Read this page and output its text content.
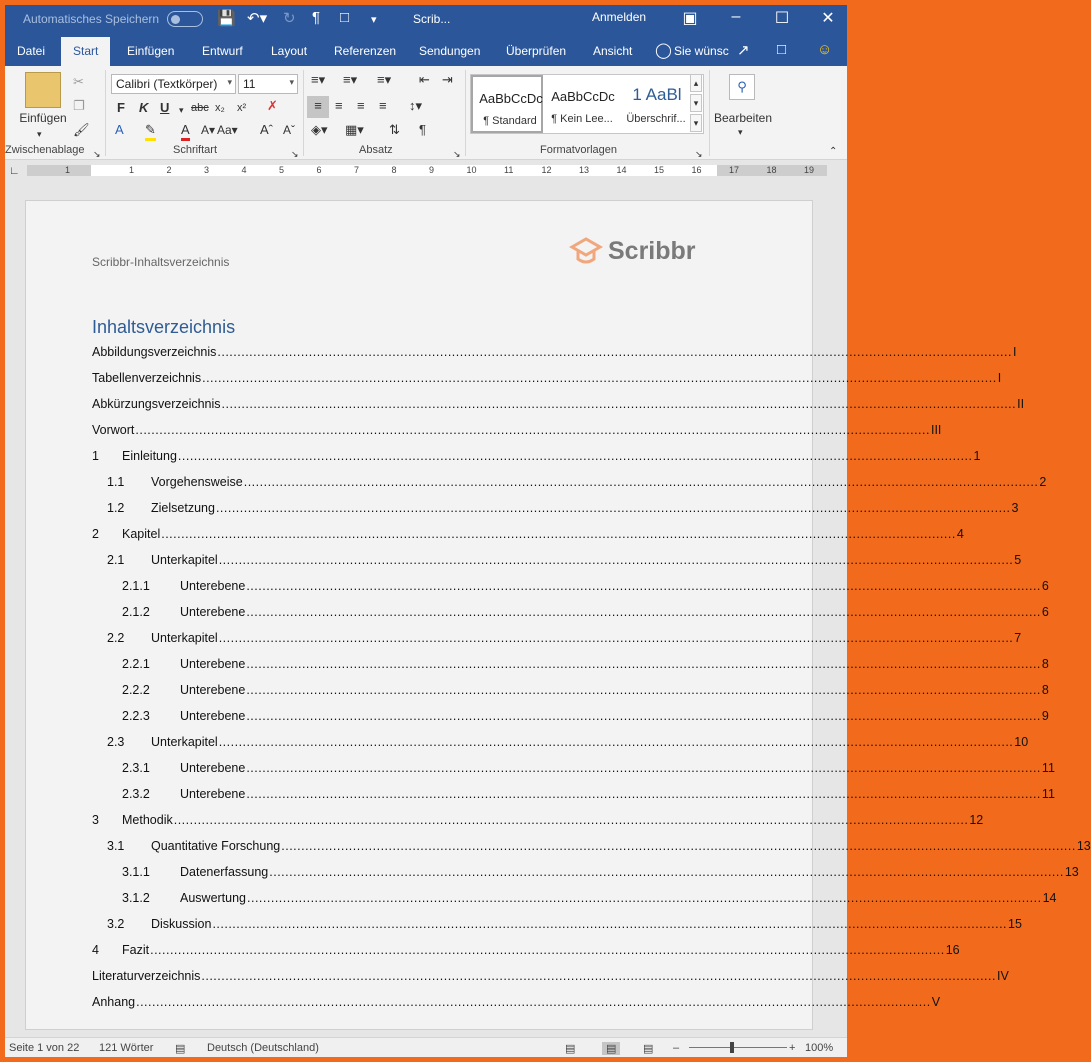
Automatisches Speichern	💾 ↶▾ ↻ ¶ □ ▾	Scrib...	Anmelden ▣	–	☐ ✕
Datei	Start	Einfügen Entwurf Layout Referenzen Sendungen Überprüfen Ansicht ◯ Sie wünsc ↗ □ ☺
Einfügen
▾
✂
❐
🖌
Zwischenablage ↘
Calibri (Textkörper) ▾ 11	▾
F K U ▾ abc x₂ x² ✗
A ✎ A A▾ Aa▾ Aˆ Aˇ
Schriftart	↘
≡▾ ≡▾ ≡▾ ⇤ ⇥
≡	≡ ≡ ≡ ↕▾
◈▾ ▦▾ ⇅ ¶
Absatz	↘
AaBbCcDc
¶ Standard
AaBbCcDc
¶ Kein Lee...
1 AaBl
Überschrif...
▴
▾
▾
Formatvorlagen	↘
⚲
Bearbeiten
▾
⌃
∟	1	1	2	3	4	5	6	7	8	9	10	11	12	13	14	15	16	17	18	19
Scribbr-Inhaltsverzeichnis	Scribbr
Inhaltsverzeichnis
Abbildungsverzeichnis ........................................................................................................................................................................................................ I
Tabellenverzeichnis ........................................................................................................................................................................................................ I
Abkürzungsverzeichnis ........................................................................................................................................................................................................ II
Vorwort ........................................................................................................................................................................................................ III
1 Einleitung ........................................................................................................................................................................................................ 1
1.1 Vorgehensweise ........................................................................................................................................................................................................ 2
1.2 Zielsetzung ........................................................................................................................................................................................................ 3
2 Kapitel ........................................................................................................................................................................................................ 4
2.1 Unterkapitel ........................................................................................................................................................................................................ 5
2.1.1 Unterebene ........................................................................................................................................................................................................ 6
2.1.2 Unterebene ........................................................................................................................................................................................................ 6
2.2 Unterkapitel ........................................................................................................................................................................................................ 7
2.2.1 Unterebene ........................................................................................................................................................................................................ 8
2.2.2 Unterebene ........................................................................................................................................................................................................ 8
2.2.3 Unterebene ........................................................................................................................................................................................................ 9
2.3 Unterkapitel ........................................................................................................................................................................................................ 10
2.3.1 Unterebene ........................................................................................................................................................................................................ 11
2.3.2 Unterebene ........................................................................................................................................................................................................ 11
3 Methodik ........................................................................................................................................................................................................ 12
3.1 Quantitative Forschung ........................................................................................................................................................................................................ 13
3.1.1 Datenerfassung ........................................................................................................................................................................................................ 13
3.1.2 Auswertung ........................................................................................................................................................................................................ 14
3.2 Diskussion ........................................................................................................................................................................................................ 15
4 Fazit ........................................................................................................................................................................................................ 16
Literaturverzeichnis ........................................................................................................................................................................................................ IV
Anhang ........................................................................................................................................................................................................ V
Seite 1 von 22 121 Wörter ▤ Deutsch (Deutschland)	▤	▤	▤ –	+ 100%
